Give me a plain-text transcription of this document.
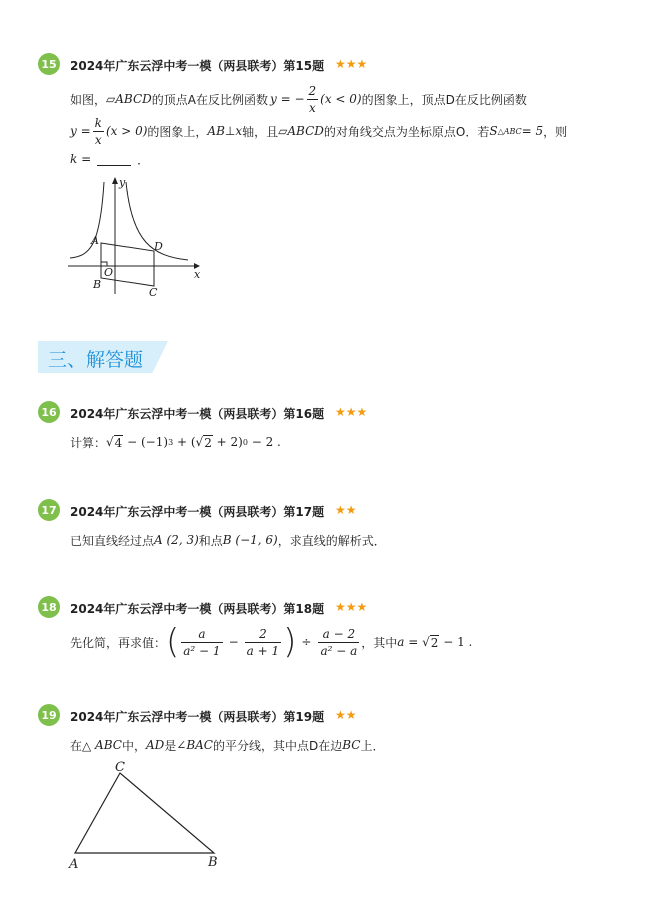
15 2024年广东云浮中考一模（两县联考）第15题 ★★★
如图， ▱ABCD 的顶点A在反比例函数 y = − $\frac{2}{x} (x < 0)$ 的图象上，顶点D在反比例函数
$y = \frac{k}{x} (x > 0)$ 的图象上， AB ⊥ x 轴，且 ▱ABCD 的对角线交点为坐标原点O．若 S △ABC = 5 ，则
k =	．
y
x
A	D
O
B
C
三、解答题
16 2024年广东云浮中考一模（两县联考）第16题 ★★★
计算： √ 4 − (−1) 3 + ( √ 2 + 2) 0 − 2 .
17 2024年广东云浮中考一模（两县联考）第17题 ★★
已知直线经过点 A (2, 3) 和点 B (−1, 6) ，求直线的解析式．
18 2024年广东云浮中考一模（两县联考）第18题 ★★★
先化简，再求值： ( $\frac{a}{\text{a² − 1}} - \frac{2}{a + 1}$ ) ÷ $\frac{a - 2}{\text{a² − a}}$ ，其中 a = √ 2 − 1 .
19 2024年广东云浮中考一模（两县联考）第19题 ★★
在△ ABC 中， AD 是 ∠BAC 的平分线，其中点D在边 BC 上．
C
A	B
